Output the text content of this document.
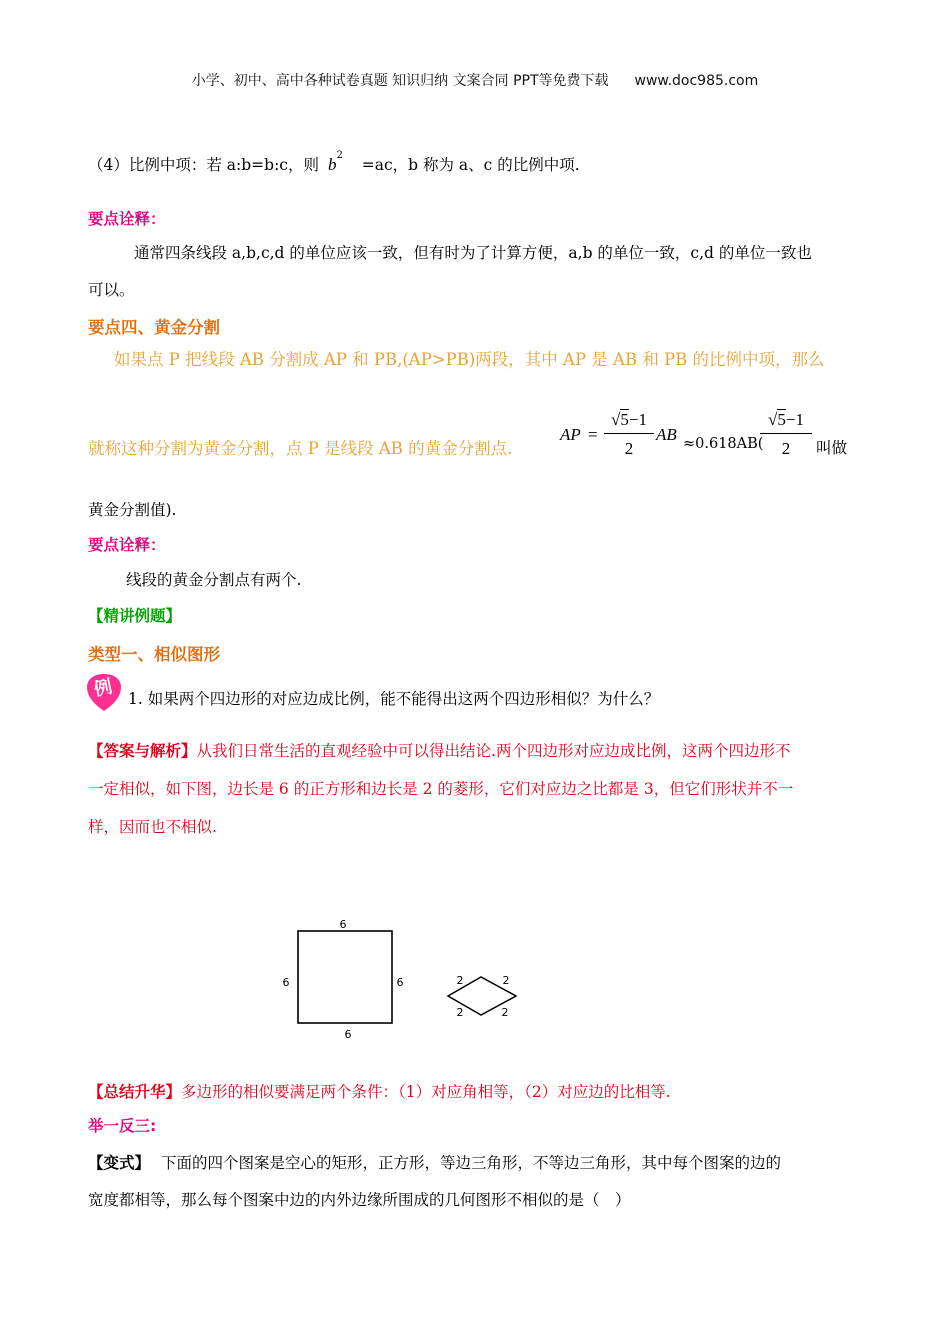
小学、初中、高中各种试卷真题 知识归纳 文案合同 PPT等免费下载 www.doc985.com
（4）比例中项：若 a:b=b:c，则 $b^2 =ac$，b 称为 a、c 的比例中项.
要点诠释：
通常四条线段 a,b,c,d 的单位应该一致，但有时为了计算方便，a,b 的单位一致，c,d 的单位一致也
可以。
要点四、黄金分割
如果点 P 把线段 AB 分割成 AP 和 PB,(AP>PB)两段，其中 AP 是 AB 和 PB 的比例中项，那么
就称这种分割为黄金分割，点 P 是线段 AB 的黄金分割点.
AP =
√5−1
2
AB ≈0.618AB(
√5−1
2	叫做
黄金分割值).
要点诠释：
线段的黄金分割点有两个.
【精讲例题】
类型一、相似图形
例 1. 如果两个四边形的对应边成比例，能不能得出这两个四边形相似？为什么？
【答案与解析】从我们日常生活的直观经验中可以得出结论.两个四边形对应边成比例，这两个四边形不
一定相似，如下图，边长是 6 的正方形和边长是 2 的菱形，它们对应边之比都是 3，但它们形状并不一
样，因而也不相似.
6
6	6
6
2	2
2	2
【总结升华】多边形的相似要满足两个条件：（1）对应角相等，（2）对应边的比相等.
举一反三:
【变式】 下面的四个图案是空心的矩形，正方形，等边三角形，不等边三角形，其中每个图案的边的
宽度都相等，那么每个图案中边的内外边缘所围成的几何图形不相似的是（　）
